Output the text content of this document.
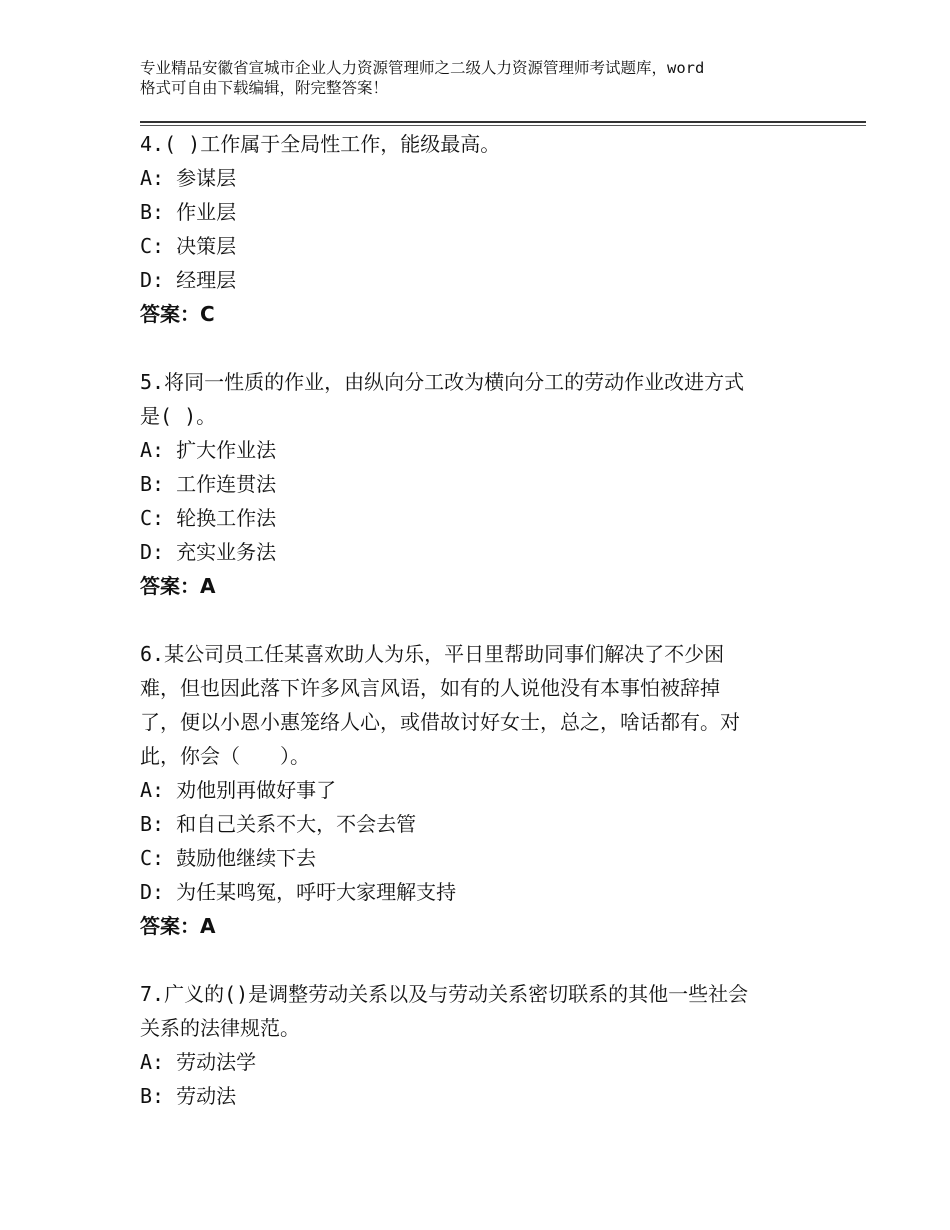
专业精品安徽省宣城市企业人力资源管理师之二级人力资源管理师考试题库，word
格式可自由下载编辑，附完整答案！
4.( )工作属于全局性工作，能级最高。
A: 参谋层
B: 作业层
C: 决策层
D: 经理层
答案：C
5.将同一性质的作业，由纵向分工改为横向分工的劳动作业改进方式
是( )。
A: 扩大作业法
B: 工作连贯法
C: 轮换工作法
D: 充实业务法
答案：A
6.某公司员工任某喜欢助人为乐，平日里帮助同事们解决了不少困
难，但也因此落下许多风言风语，如有的人说他没有本事怕被辞掉
了，便以小恩小惠笼络人心，或借故讨好女士，总之，啥话都有。对
此，你会（　　）。
A: 劝他别再做好事了
B: 和自己关系不大，不会去管
C: 鼓励他继续下去
D: 为任某鸣冤，呼吁大家理解支持
答案：A
7.广义的()是调整劳动关系以及与劳动关系密切联系的其他一些社会
关系的法律规范。
A: 劳动法学
B: 劳动法
